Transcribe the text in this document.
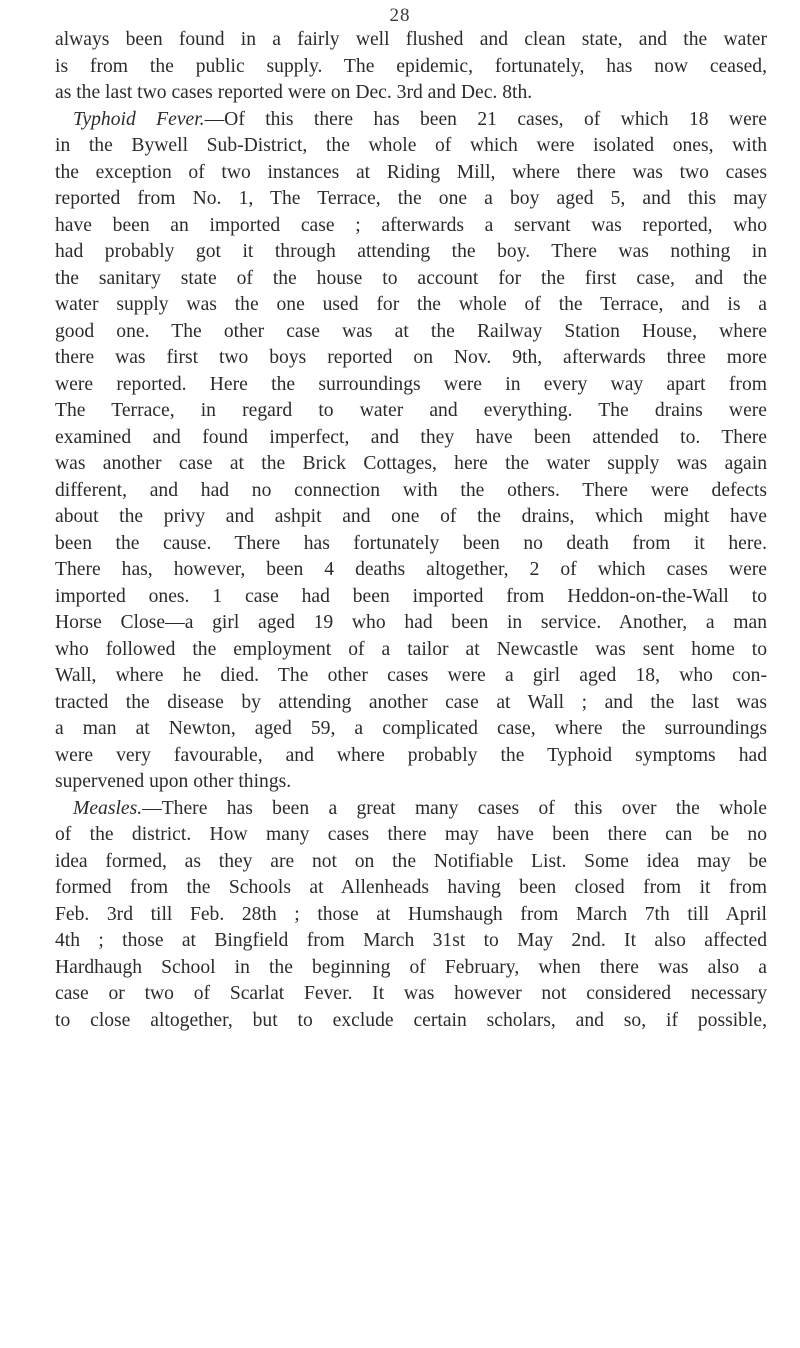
28
always been found in a fairly well flushed and clean state, and the water
is from the public supply. The epidemic, fortunately, has now ceased,
as the last two cases reported were on Dec. 3rd and Dec. 8th.
Typhoid Fever.—Of this there has been 21 cases, of which 18 were
in the Bywell Sub-District, the whole of which were isolated ones, with
the exception of two instances at Riding Mill, where there was two cases
reported from No. 1, The Terrace, the one a boy aged 5, and this may
have been an imported case ; afterwards a servant was reported, who
had probably got it through attending the boy. There was nothing in
the sanitary state of the house to account for the first case, and the
water supply was the one used for the whole of the Terrace, and is a
good one. The other case was at the Railway Station House, where
there was first two boys reported on Nov. 9th, afterwards three more
were reported. Here the surroundings were in every way apart from
The Terrace, in regard to water and everything. The drains were
examined and found imperfect, and they have been attended to. There
was another case at the Brick Cottages, here the water supply was again
different, and had no connection with the others. There were defects
about the privy and ashpit and one of the drains, which might have
been the cause. There has fortunately been no death from it here.
There has, however, been 4 deaths altogether, 2 of which cases were
imported ones. 1 case had been imported from Heddon-on-the-Wall to
Horse Close—a girl aged 19 who had been in service. Another, a man
who followed the employment of a tailor at Newcastle was sent home to
Wall, where he died. The other cases were a girl aged 18, who con-
tracted the disease by attending another case at Wall ; and the last was
a man at Newton, aged 59, a complicated case, where the surroundings
were very favourable, and where probably the Typhoid symptoms had
supervened upon other things.
Measles.—There has been a great many cases of this over the whole
of the district. How many cases there may have been there can be no
idea formed, as they are not on the Notifiable List. Some idea may be
formed from the Schools at Allenheads having been closed from it from
Feb. 3rd till Feb. 28th ; those at Humshaugh from March 7th till April
4th ; those at Bingfield from March 31st to May 2nd. It also affected
Hardhaugh School in the beginning of February, when there was also a
case or two of Scarlat Fever. It was however not considered necessary
to close altogether, but to exclude certain scholars, and so, if possible,
